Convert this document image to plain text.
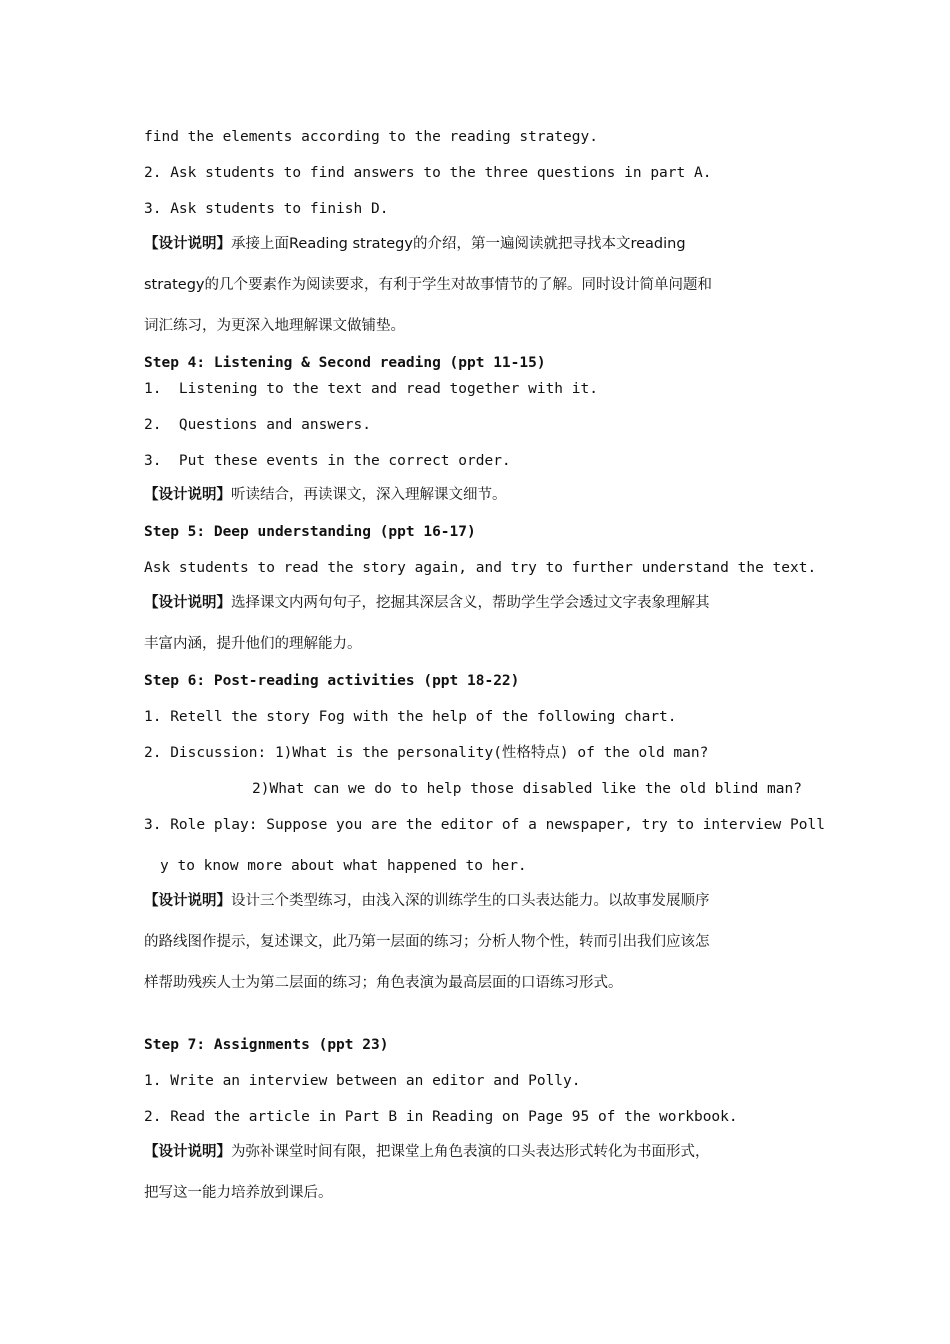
find the elements according to the reading strategy.
2. Ask students to find answers to the three questions in part A.
3. Ask students to finish D.
【设计说明】承接上面Reading strategy的介绍，第一遍阅读就把寻找本文reading
strategy的几个要素作为阅读要求，有利于学生对故事情节的了解。同时设计简单问题和
词汇练习，为更深入地理解课文做铺垫。
Step 4: Listening & Second reading (ppt 11-15)
1.  Listening to the text and read together with it.
2.  Questions and answers.
3.  Put these events in the correct order.
【设计说明】听读结合，再读课文，深入理解课文细节。
Step 5: Deep understanding (ppt 16-17)
Ask students to read the story again, and try to further understand the text.
【设计说明】选择课文内两句句子，挖掘其深层含义，帮助学生学会透过文字表象理解其
丰富内涵，提升他们的理解能力。
Step 6: Post-reading activities (ppt 18-22)
1. Retell the story Fog with the help of the following chart.
2. Discussion: 1)What is the personality(性格特点) of the old man?
2)What can we do to help those disabled like the old blind man?
3. Role play: Suppose you are the editor of a newspaper, try to interview Poll
y to know more about what happened to her.
【设计说明】设计三个类型练习，由浅入深的训练学生的口头表达能力。以故事发展顺序
的路线图作提示，复述课文，此乃第一层面的练习；分析人物个性，转而引出我们应该怎
样帮助残疾人士为第二层面的练习；角色表演为最高层面的口语练习形式。
Step 7: Assignments (ppt 23)
1. Write an interview between an editor and Polly.
2. Read the article in Part B in Reading on Page 95 of the workbook.
【设计说明】为弥补课堂时间有限，把课堂上角色表演的口头表达形式转化为书面形式，
把写这一能力培养放到课后。
